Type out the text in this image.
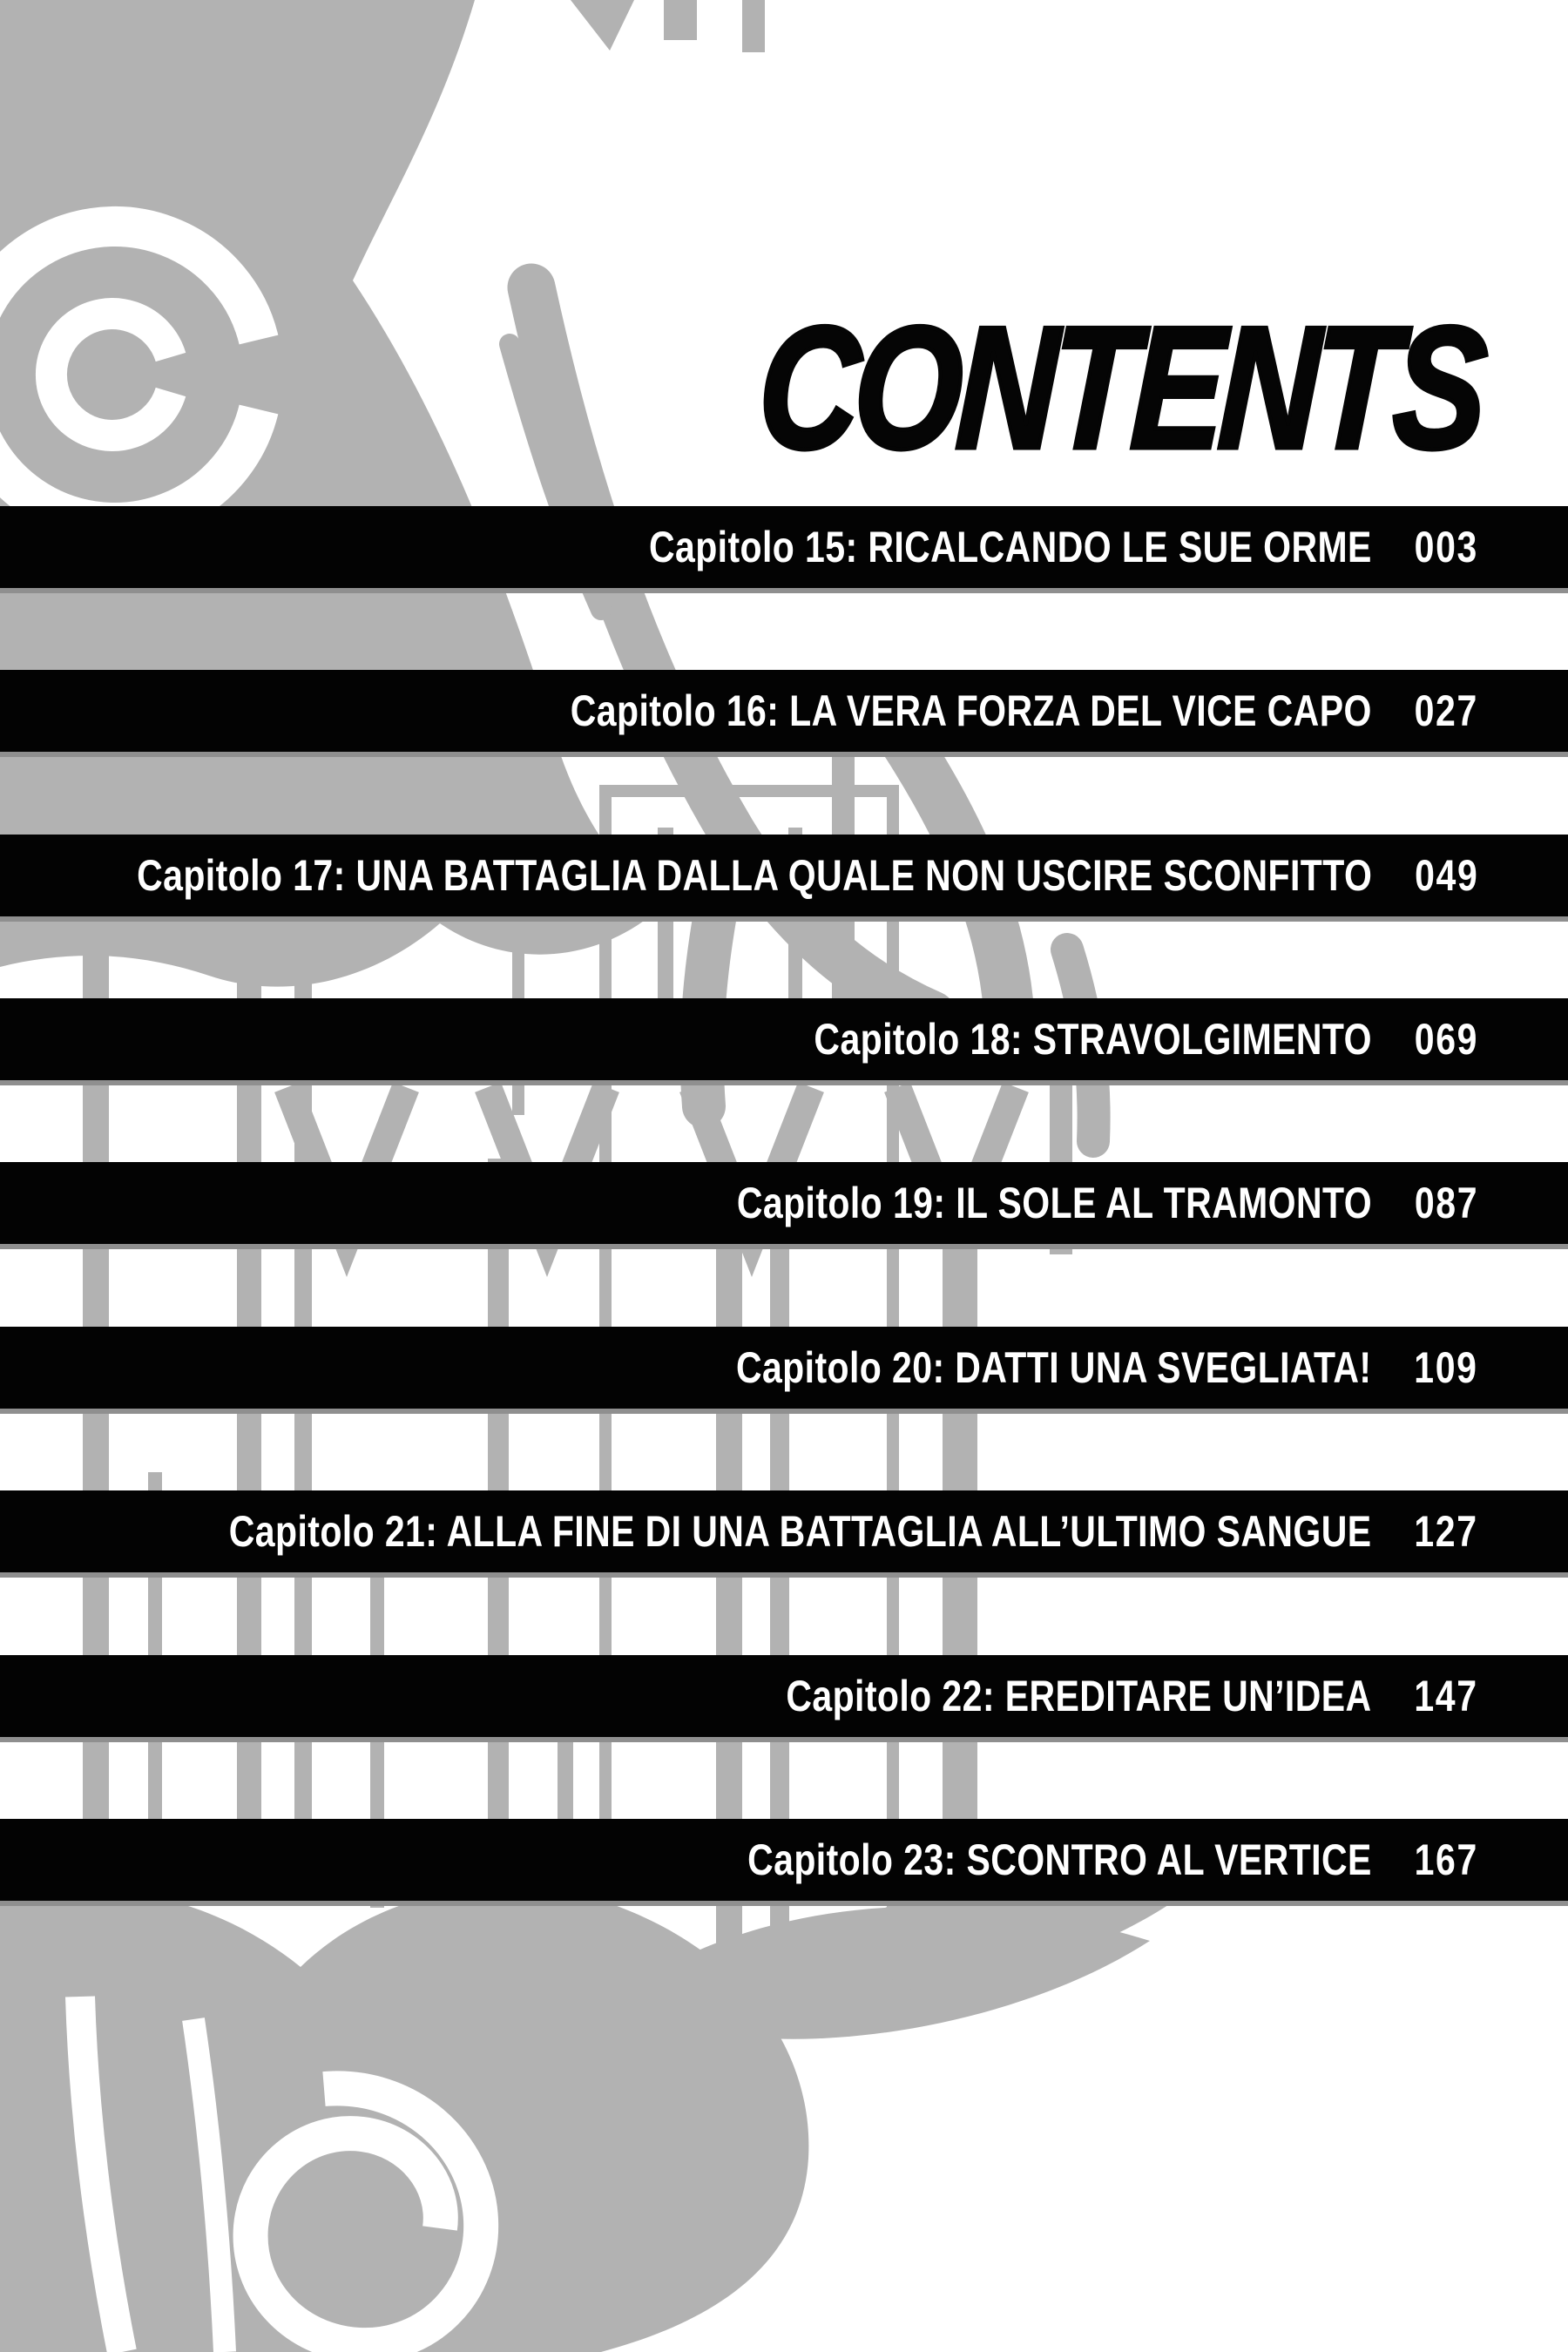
CONTENTS
Capitolo 15: RICALCANDO LE SUE ORME 003
Capitolo 16: LA VERA FORZA DEL VICE CAPO 027
Capitolo 17: UNA BATTAGLIA DALLA QUALE NON USCIRE SCONFITTO 049
Capitolo 18: STRAVOLGIMENTO 069
Capitolo 19: IL SOLE AL TRAMONTO 087
Capitolo 20: DATTI UNA SVEGLIATA! 109
Capitolo 21: ALLA FINE DI UNA BATTAGLIA ALL’ULTIMO SANGUE 127
Capitolo 22: EREDITARE UN’IDEA 147
Capitolo 23: SCONTRO AL VERTICE 167
